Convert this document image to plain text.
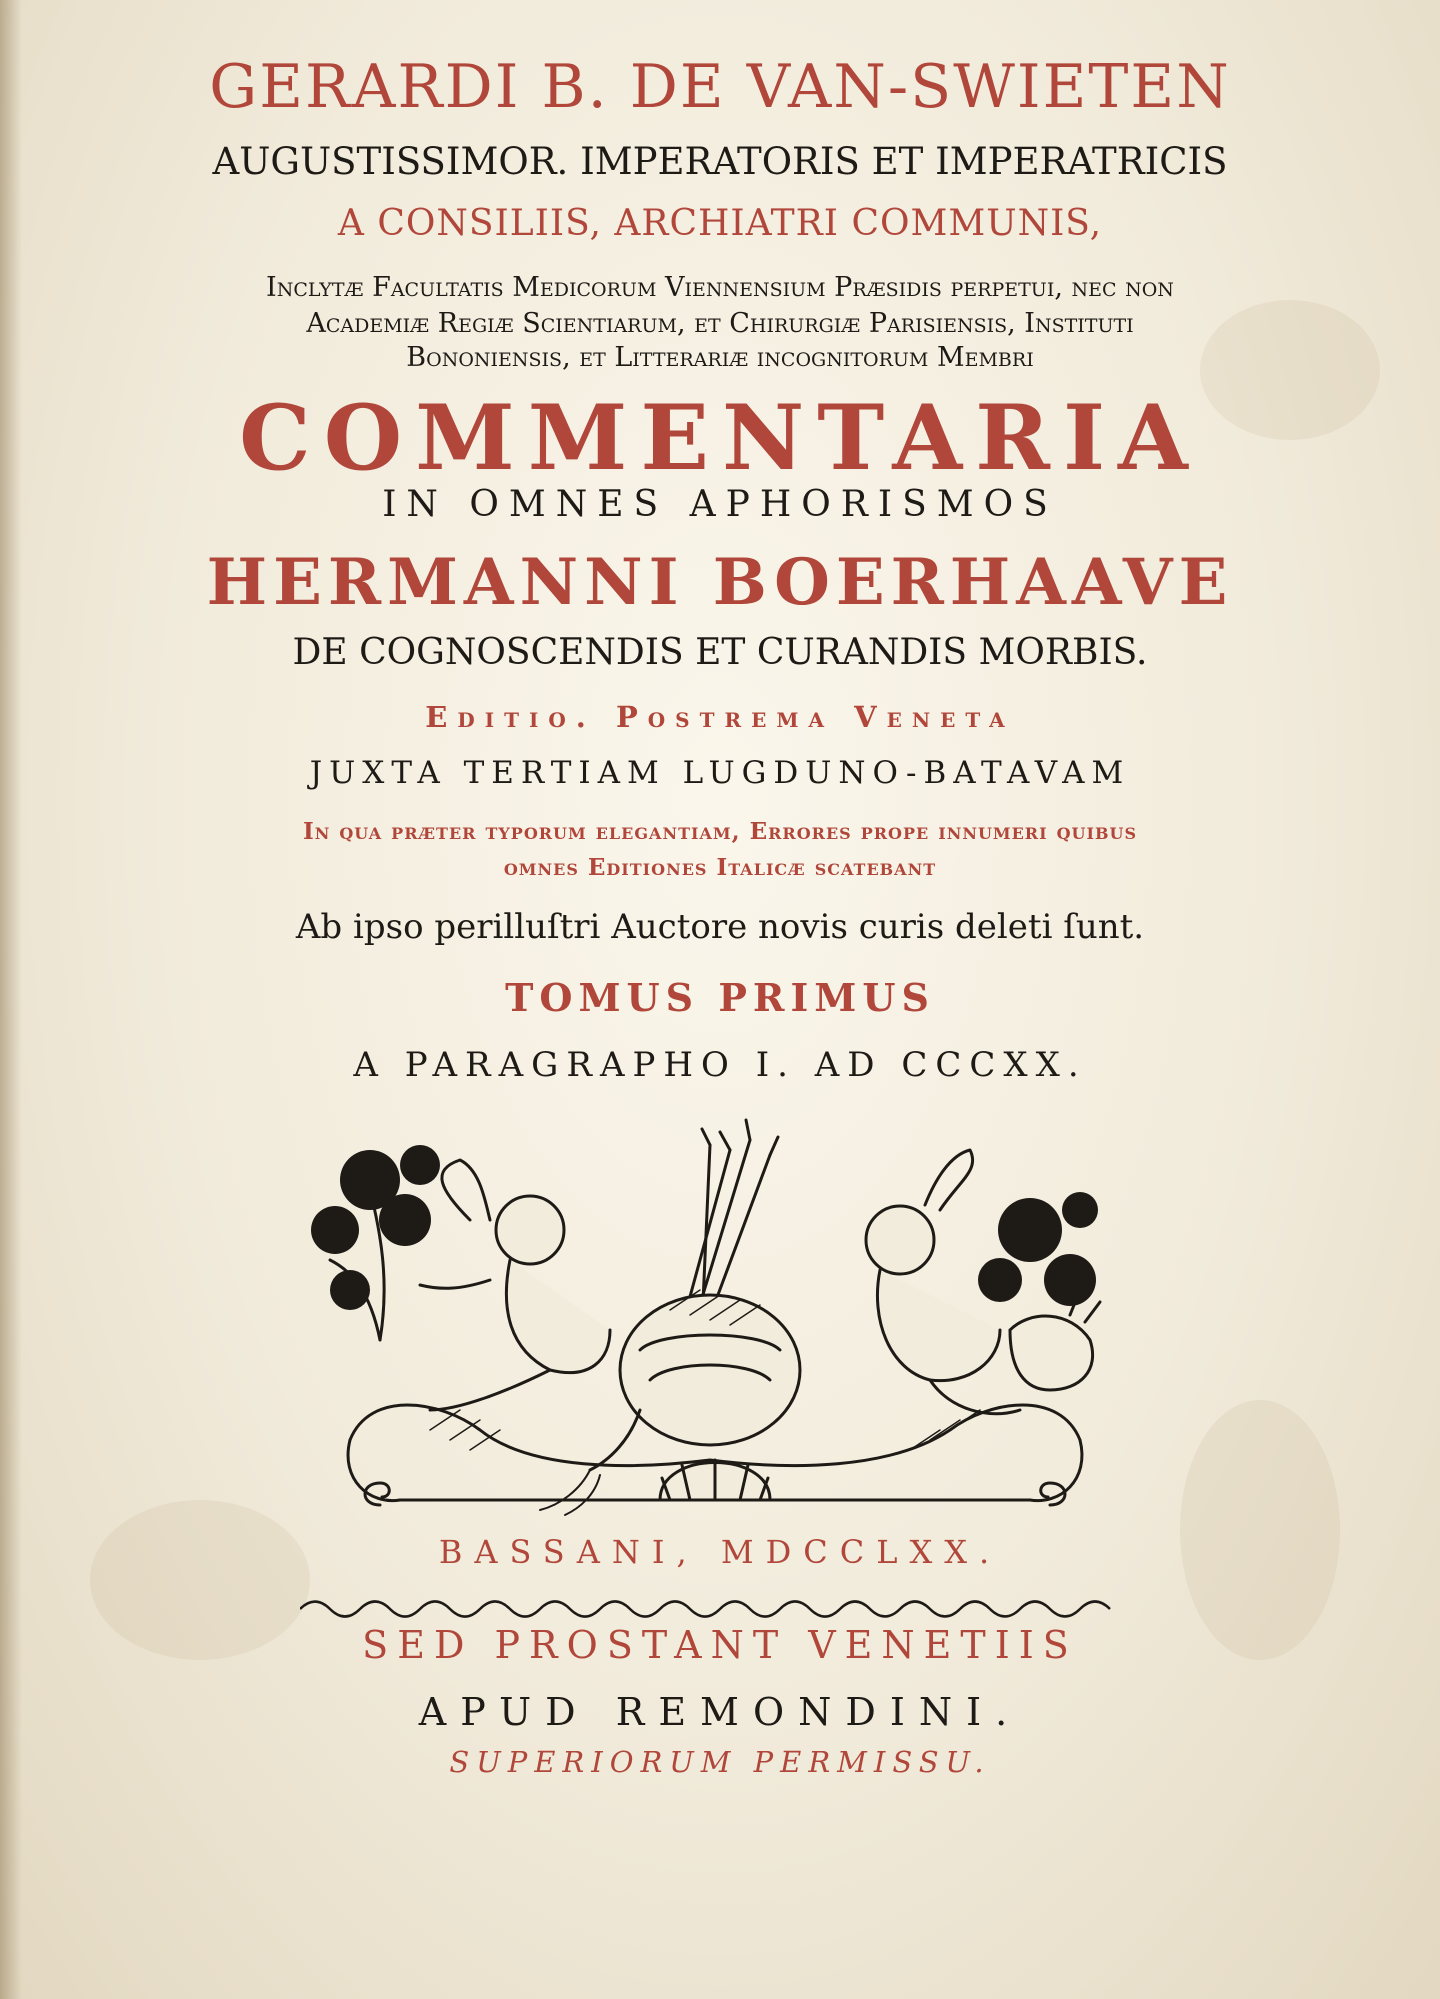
GERARDI B. DE VAN-SWIETEN
AUGUSTISSIMOR. IMPERATORIS ET IMPERATRICIS
A CONSILIIS, ARCHIATRI COMMUNIS,
Inclytæ Facultatis Medicorum Viennensium Præsidis perpetui, nec non
Academiæ Regiæ Scientiarum, et Chirurgiæ Parisiensis, Instituti
Bononiensis, et Litterariæ incognitorum Membri
COMMENTARIA
IN OMNES APHORISMOS
HERMANNI BOERHAAVE
DE COGNOSCENDIS ET CURANDIS MORBIS.
Editio. Postrema Veneta
JUXTA TERTIAM LUGDUNO-BATAVAM
In qua præter typorum elegantiam, Errores prope innumeri quibus
omnes Editiones Italicæ scatebant
Ab ipso perilluſtri Auctore novis curis deleti ſunt.
TOMUS PRIMUS
A PARAGRAPHO I. AD CCCXX.
BASSANI, MDCCLXX.
SED PROSTANT VENETIIS
APUD REMONDINI.
SUPERIORUM PERMISSU.
